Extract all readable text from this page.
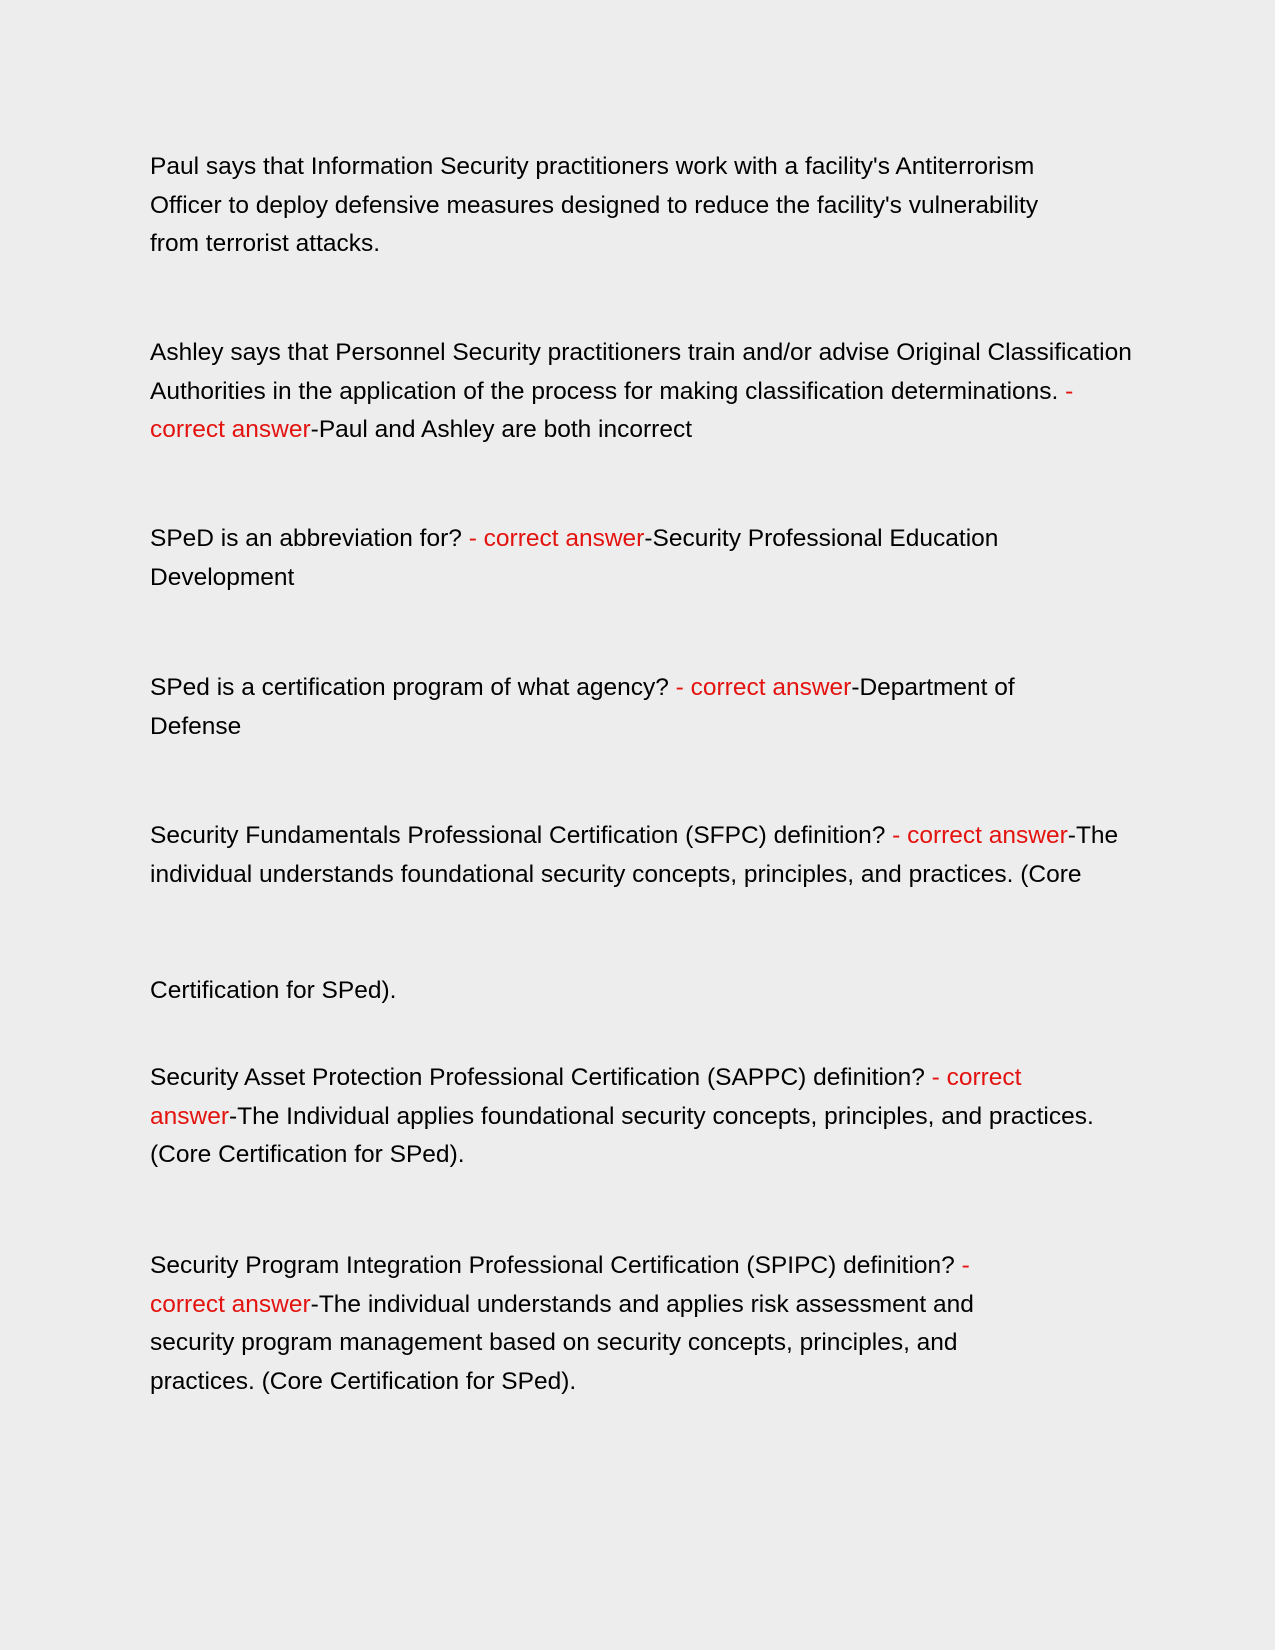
Paul says that Information Security practitioners work with a facility's Antiterrorism Officer to deploy defensive measures designed to reduce the facility's vulnerability from terrorist attacks.

Ashley says that Personnel Security practitioners train and/or advise Original Classification Authorities in the application of the process for making classification determinations. - correct answer-Paul and Ashley are both incorrect

SPeD is an abbreviation for? - correct answer-Security Professional Education Development

SPed is a certification program of what agency? - correct answer-Department of Defense

Security Fundamentals Professional Certification (SFPC) definition? - correct answer-The individual understands foundational security concepts, principles, and practices. (Core

Certification for SPed).

Security Asset Protection Professional Certification (SAPPC) definition? - correct answer-The Individual applies foundational security concepts, principles, and practices. (Core Certification for SPed).

Security Program Integration Professional Certification (SPIPC) definition? - correct answer-The individual understands and applies risk assessment and security program management based on security concepts, principles, and practices. (Core Certification for SPed).
